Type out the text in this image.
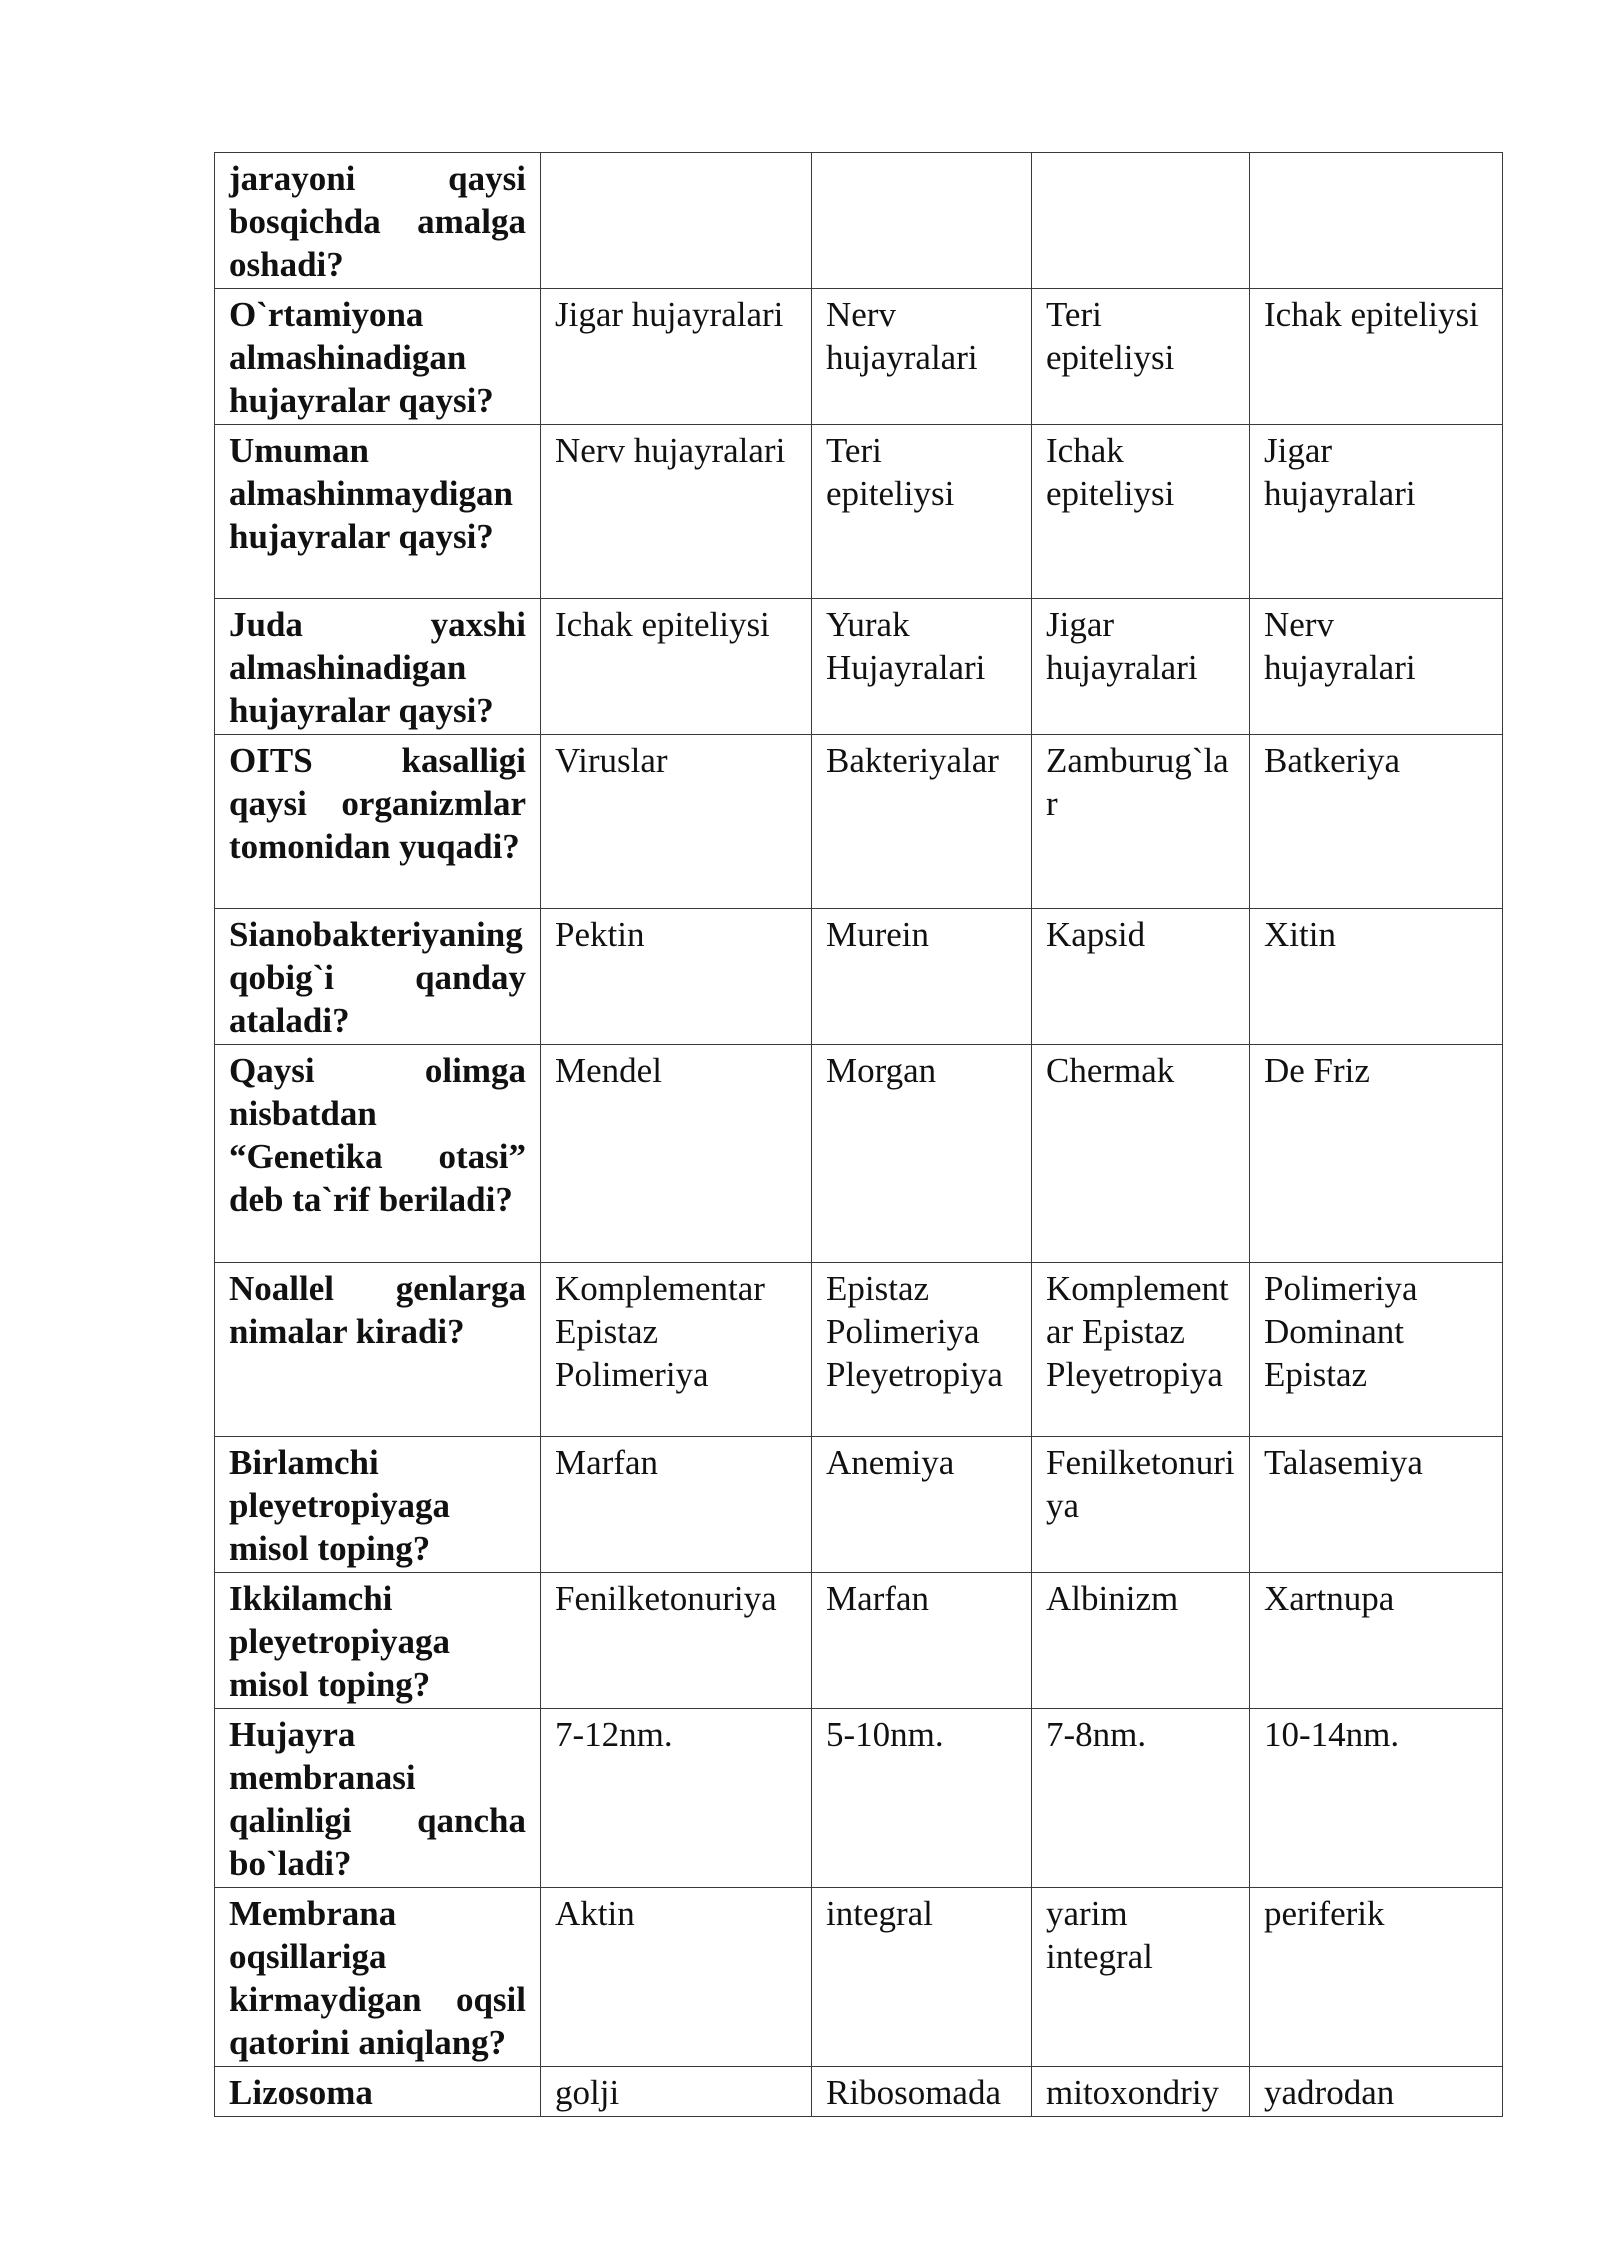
jarayoni qaysi bosqichda amalga oshadi?				

O`rtamiyona almashinadigan hujayralar qaysi?	Jigar hujayralari	Nerv hujayralari	Teri epiteliysi	Ichak epiteliysi

Umuman almashinmaydigan hujayralar qaysi?	Nerv hujayralari	Teri epiteliysi	Ichak epiteliysi	Jigar hujayralari

Juda yaxshi almashinadigan hujayralar qaysi?	Ichak epiteliysi	Yurak Hujayralari	Jigar hujayralari	Nerv hujayralari

OITS kasalligi qaysi organizmlar tomonidan yuqadi?	Viruslar	Bakteriyalar	Zamburug`lar	Batkeriya

Sianobakteriyaning qobig`i qanday ataladi?	Pektin	Murein	Kapsid	Xitin

Qaysi olimga nisbatdan “Genetika otasi” deb ta`rif beriladi?	Mendel	Morgan	Chermak	De Friz

Noallel genlarga nimalar kiradi?	Komplementar Epistaz Polimeriya	Epistaz Polimeriya Pleyetropiya	Komplementar Epistaz Pleyetropiya	Polimeriya Dominant Epistaz

Birlamchi pleyetropiyaga misol toping?	Marfan	Anemiya	Fenilketonuriya	Talasemiya

Ikkilamchi pleyetropiyaga misol toping?	Fenilketonuriya	Marfan	Albinizm	Xartnupa

Hujayra membranasi qalinligi qancha bo`ladi?	7-12nm.	5-10nm.	7-8nm.	10-14nm.

Membrana oqsillariga kirmaydigan oqsil qatorini aniqlang?	Aktin	integral	yarim integral	periferik

Lizosoma	golji	Ribosomada	mitoxondriy	yadrodan
